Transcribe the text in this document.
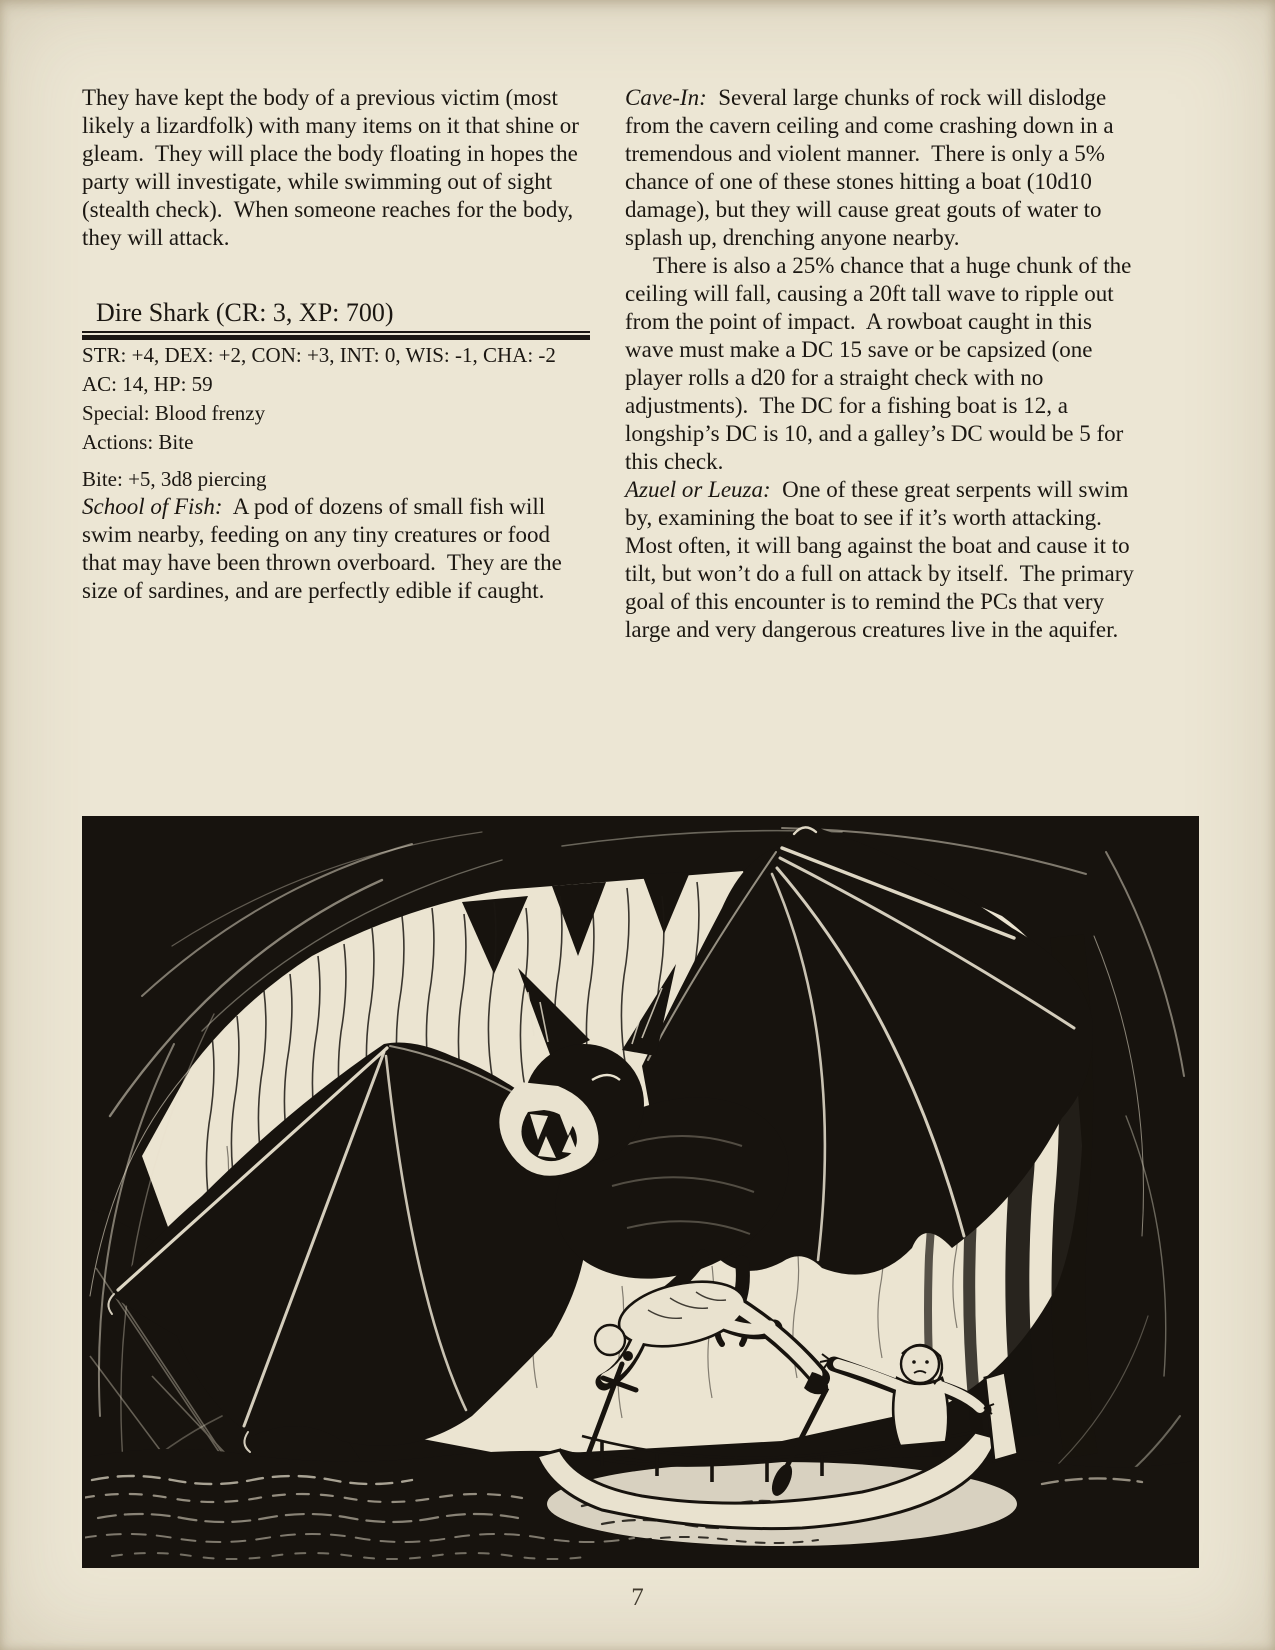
They have kept the body of a previous victim (most likely a lizardfolk) with many items on it that shine or gleam.  They will place the body floating in hopes the party will investigate, while swimming out of sight (stealth check).  When someone reaches for the body, they will attack.

Dire Shark (CR: 3, XP: 700)

STR: +4, DEX: +2, CON: +3, INT: 0, WIS: -1, CHA: -2

AC: 14, HP: 59

Special: Blood frenzy

Actions: Bite

Bite: +5, 3d8 piercing

School of Fish:  A pod of dozens of small fish will swim nearby, feeding on any tiny creatures or food that may have been thrown overboard.  They are the size of sardines, and are perfectly edible if caught.

Cave-In:  Several large chunks of rock will dislodge from the cavern ceiling and come crashing down in a tremendous and violent manner.  There is only a 5% chance of one of these stones hitting a boat (10d10 damage), but they will cause great gouts of water to splash up, drenching anyone nearby.

There is also a 25% chance that a huge chunk of the ceiling will fall, causing a 20ft tall wave to ripple out from the point of impact.  A rowboat caught in this wave must make a DC 15 save or be capsized (one player rolls a d20 for a straight check with no adjustments).  The DC for a fishing boat is 12, a longship’s DC is 10, and a galley’s DC would be 5 for this check.

Azuel or Leuza:  One of these great serpents will swim by, examining the boat to see if it’s worth attacking.  Most often, it will bang against the boat and cause it to tilt, but won’t do a full on attack by itself.  The primary goal of this encounter is to remind the PCs that very large and very dangerous creatures live in the aquifer.

7
